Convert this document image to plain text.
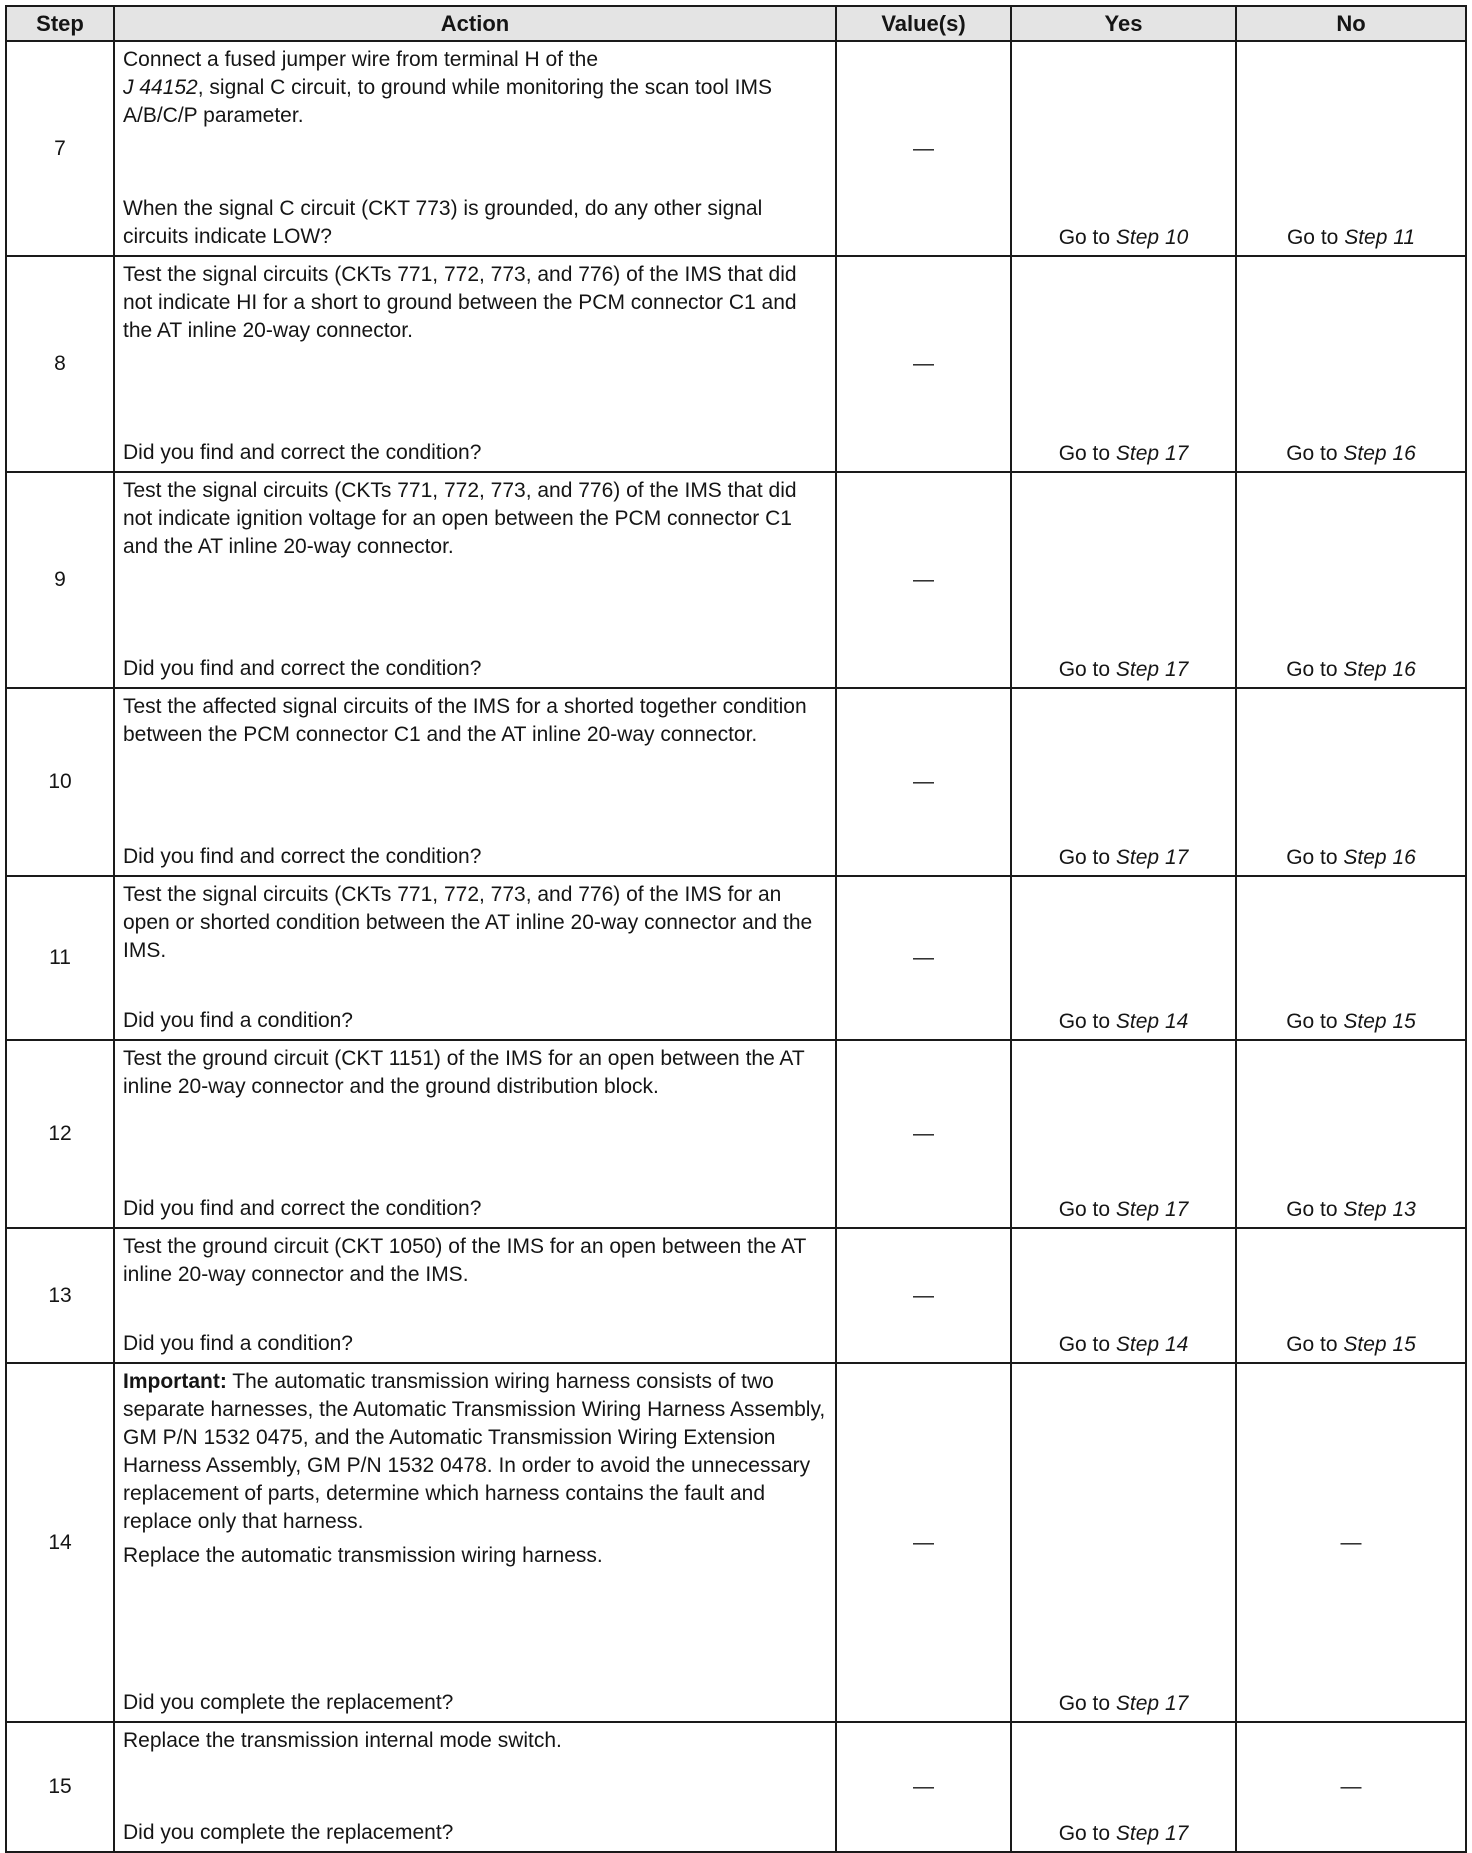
Step	Action	Value(s)	Yes	No
7	Connect a fused jumper wire from terminal H of the
J 44152, signal C circuit, to ground while monitoring the scan tool IMS A/B/C/P parameter.

When the signal C circuit (CKT 773) is grounded, do any other signal circuits indicate LOW?	—	Go to Step 10	Go to Step 11
8	Test the signal circuits (CKTs 771, 772, 773, and 776) of the IMS that did not indicate HI for a short to ground between the PCM connector C1 and the AT inline 20-way connector.

Did you find and correct the condition?	—	Go to Step 17	Go to Step 16
9	Test the signal circuits (CKTs 771, 772, 773, and 776) of the IMS that did not indicate ignition voltage for an open between the PCM connector C1 and the AT inline 20-way connector.

Did you find and correct the condition?	—	Go to Step 17	Go to Step 16
10	Test the affected signal circuits of the IMS for a shorted together condition between the PCM connector C1 and the AT inline 20-way connector.

Did you find and correct the condition?	—	Go to Step 17	Go to Step 16
11	Test the signal circuits (CKTs 771, 772, 773, and 776) of the IMS for an open or shorted condition between the AT inline 20-way connector and the IMS.

Did you find a condition?	—	Go to Step 14	Go to Step 15
12	Test the ground circuit (CKT 1151) of the IMS for an open between the AT inline 20-way connector and the ground distribution block.

Did you find and correct the condition?	—	Go to Step 17	Go to Step 13
13	Test the ground circuit (CKT 1050) of the IMS for an open between the AT inline 20-way connector and the IMS.

Did you find a condition?	—	Go to Step 14	Go to Step 15
14	Important: The automatic transmission wiring harness consists of two separate harnesses, the Automatic Transmission Wiring Harness Assembly, GM P/N 1532 0475, and the Automatic Transmission Wiring Extension Harness Assembly, GM P/N 1532 0478. In order to avoid the unnecessary replacement of parts, determine which harness contains the fault and replace only that harness.

Replace the automatic transmission wiring harness.

Did you complete the replacement?	—	Go to Step 17	—
15	Replace the transmission internal mode switch.

Did you complete the replacement?	—	Go to Step 17	—
